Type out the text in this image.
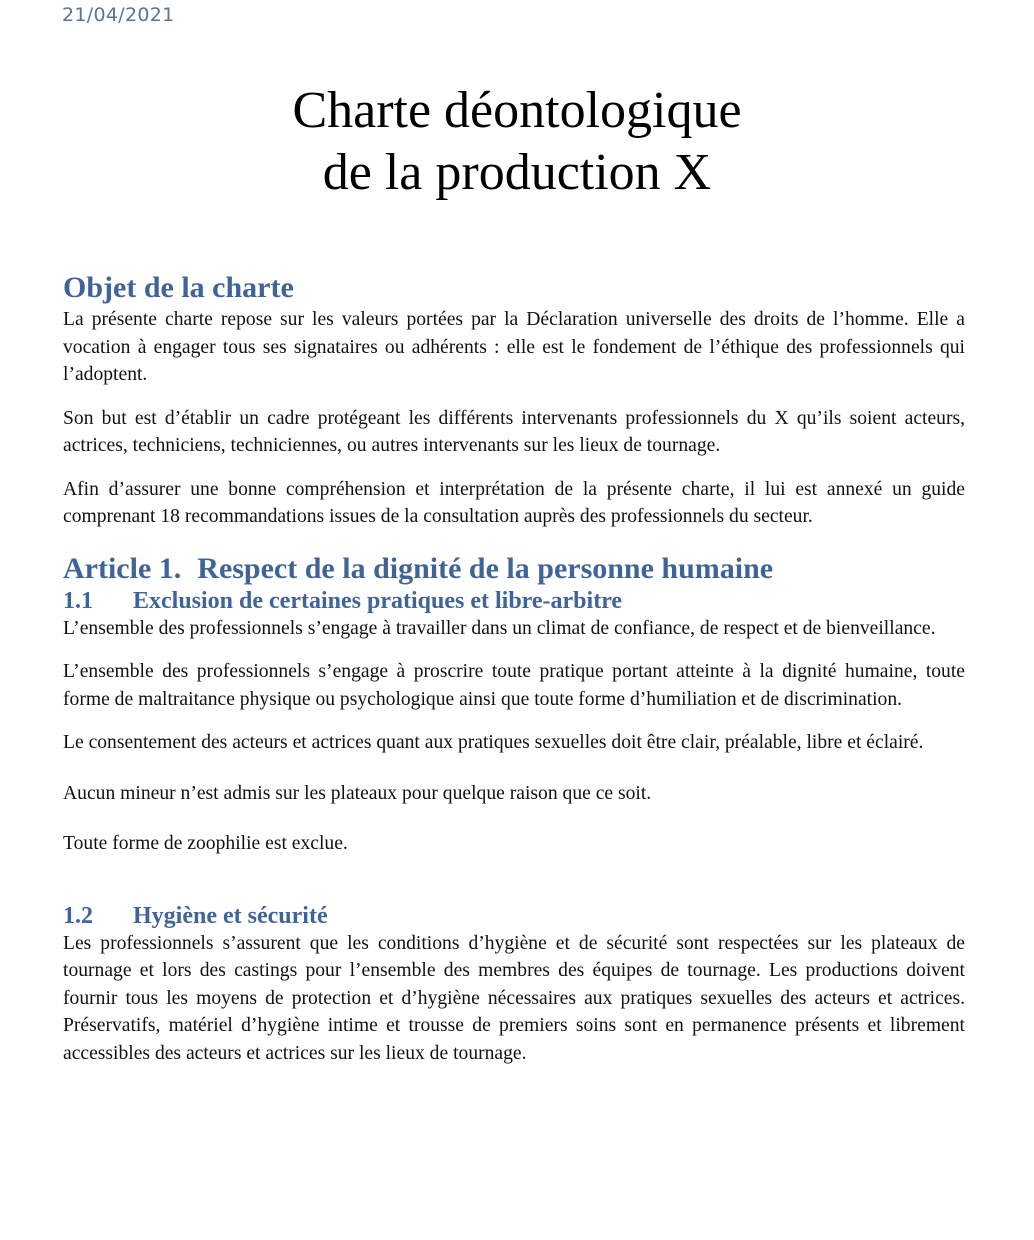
21/04/2021
Charte déontologique
de la production X
Objet de la charte

La présente charte repose sur les valeurs portées par la Déclaration universelle des droits de l’homme. Elle a vocation à engager tous ses signataires ou adhérents : elle est le fondement de l’éthique des professionnels qui l’adoptent.

Son but est d’établir un cadre protégeant les différents intervenants professionnels du X qu’ils soient acteurs, actrices, techniciens, techniciennes, ou autres intervenants sur les lieux de tournage.

Afin d’assurer une bonne compréhension et interprétation de la présente charte, il lui est annexé un guide comprenant 18 recommandations issues de la consultation auprès des professionnels du secteur.

Article 1. Respect de la dignité de la personne humaine
1.1 Exclusion de certaines pratiques et libre-arbitre

L’ensemble des professionnels s’engage à travailler dans un climat de confiance, de respect et de bienveillance.

L’ensemble des professionnels s’engage à proscrire toute pratique portant atteinte à la dignité humaine, toute forme de maltraitance physique ou psychologique ainsi que toute forme d’humiliation et de discrimination.

Le consentement des acteurs et actrices quant aux pratiques sexuelles doit être clair, préalable, libre et éclairé.

Aucun mineur n’est admis sur les plateaux pour quelque raison que ce soit.

Toute forme de zoophilie est exclue.

1.2 Hygiène et sécurité

Les professionnels s’assurent que les conditions d’hygiène et de sécurité sont respectées sur les plateaux de tournage et lors des castings pour l’ensemble des membres des équipes de tournage. Les productions doivent fournir tous les moyens de protection et d’hygiène nécessaires aux pratiques sexuelles des acteurs et actrices. Préservatifs, matériel d’hygiène intime et trousse de premiers soins sont en permanence présents et librement accessibles des acteurs et actrices sur les lieux de tournage.
